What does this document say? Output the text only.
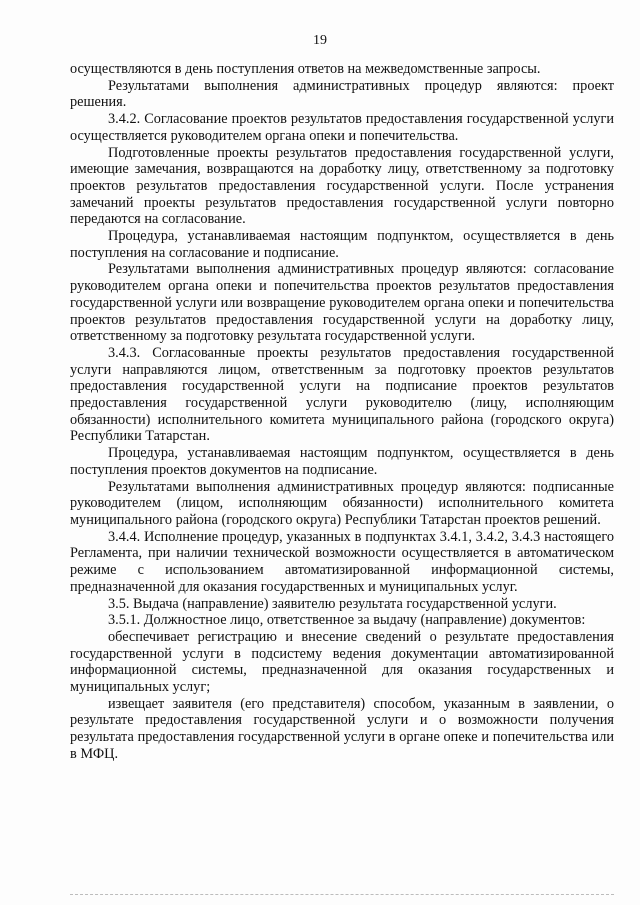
19

осуществляются в день поступления ответов на межведомственные запросы.

Результатами выполнения административных процедур являются: проект решения.

3.4.2. Согласование проектов результатов предоставления государственной услуги осуществляется руководителем органа опеки и попечительства.

Подготовленные проекты результатов предоставления государственной услуги, имеющие замечания, возвращаются на доработку лицу, ответственному за подготовку проектов результатов предоставления государственной услуги. После устранения замечаний проекты результатов предоставления государственной услуги повторно передаются на согласование.

Процедура, устанавливаемая настоящим подпунктом, осуществляется в день поступления на согласование и подписание.

Результатами выполнения административных процедур являются: согласование руководителем органа опеки и попечительства проектов результатов предоставления государственной услуги или возвращение руководителем органа опеки и попечительства проектов результатов предоставления государственной услуги на доработку лицу, ответственному за подготовку результата государственной услуги.

3.4.3. Согласованные проекты результатов предоставления государственной услуги направляются лицом, ответственным за подготовку проектов результатов предоставления государственной услуги на подписание проектов результатов предоставления государственной услуги руководителю (лицу, исполняющим обязанности) исполнительного комитета муниципального района (городского округа) Республики Татарстан.

Процедура, устанавливаемая настоящим подпунктом, осуществляется в день поступления проектов документов на подписание.

Результатами выполнения административных процедур являются: подписанные руководителем (лицом, исполняющим обязанности) исполнительного комитета муниципального района (городского округа) Республики Татарстан проектов решений.

3.4.4. Исполнение процедур, указанных в подпунктах 3.4.1, 3.4.2, 3.4.3 настоящего Регламента, при наличии технической возможности осуществляется в автоматическом режиме с использованием автоматизированной информационной системы, предназначенной для оказания государственных и муниципальных услуг.

3.5. Выдача (направление) заявителю результата государственной услуги.

3.5.1. Должностное лицо, ответственное за выдачу (направление) документов:

обеспечивает регистрацию и внесение сведений о результате предоставления государственной услуги в подсистему ведения документации автоматизированной информационной системы, предназначенной для оказания государственных и муниципальных услуг;

извещает заявителя (его представителя) способом, указанным в заявлении, о результате предоставления государственной услуги и о возможности получения результата предоставления государственной услуги в органе опеке и попечительства или в МФЦ.
